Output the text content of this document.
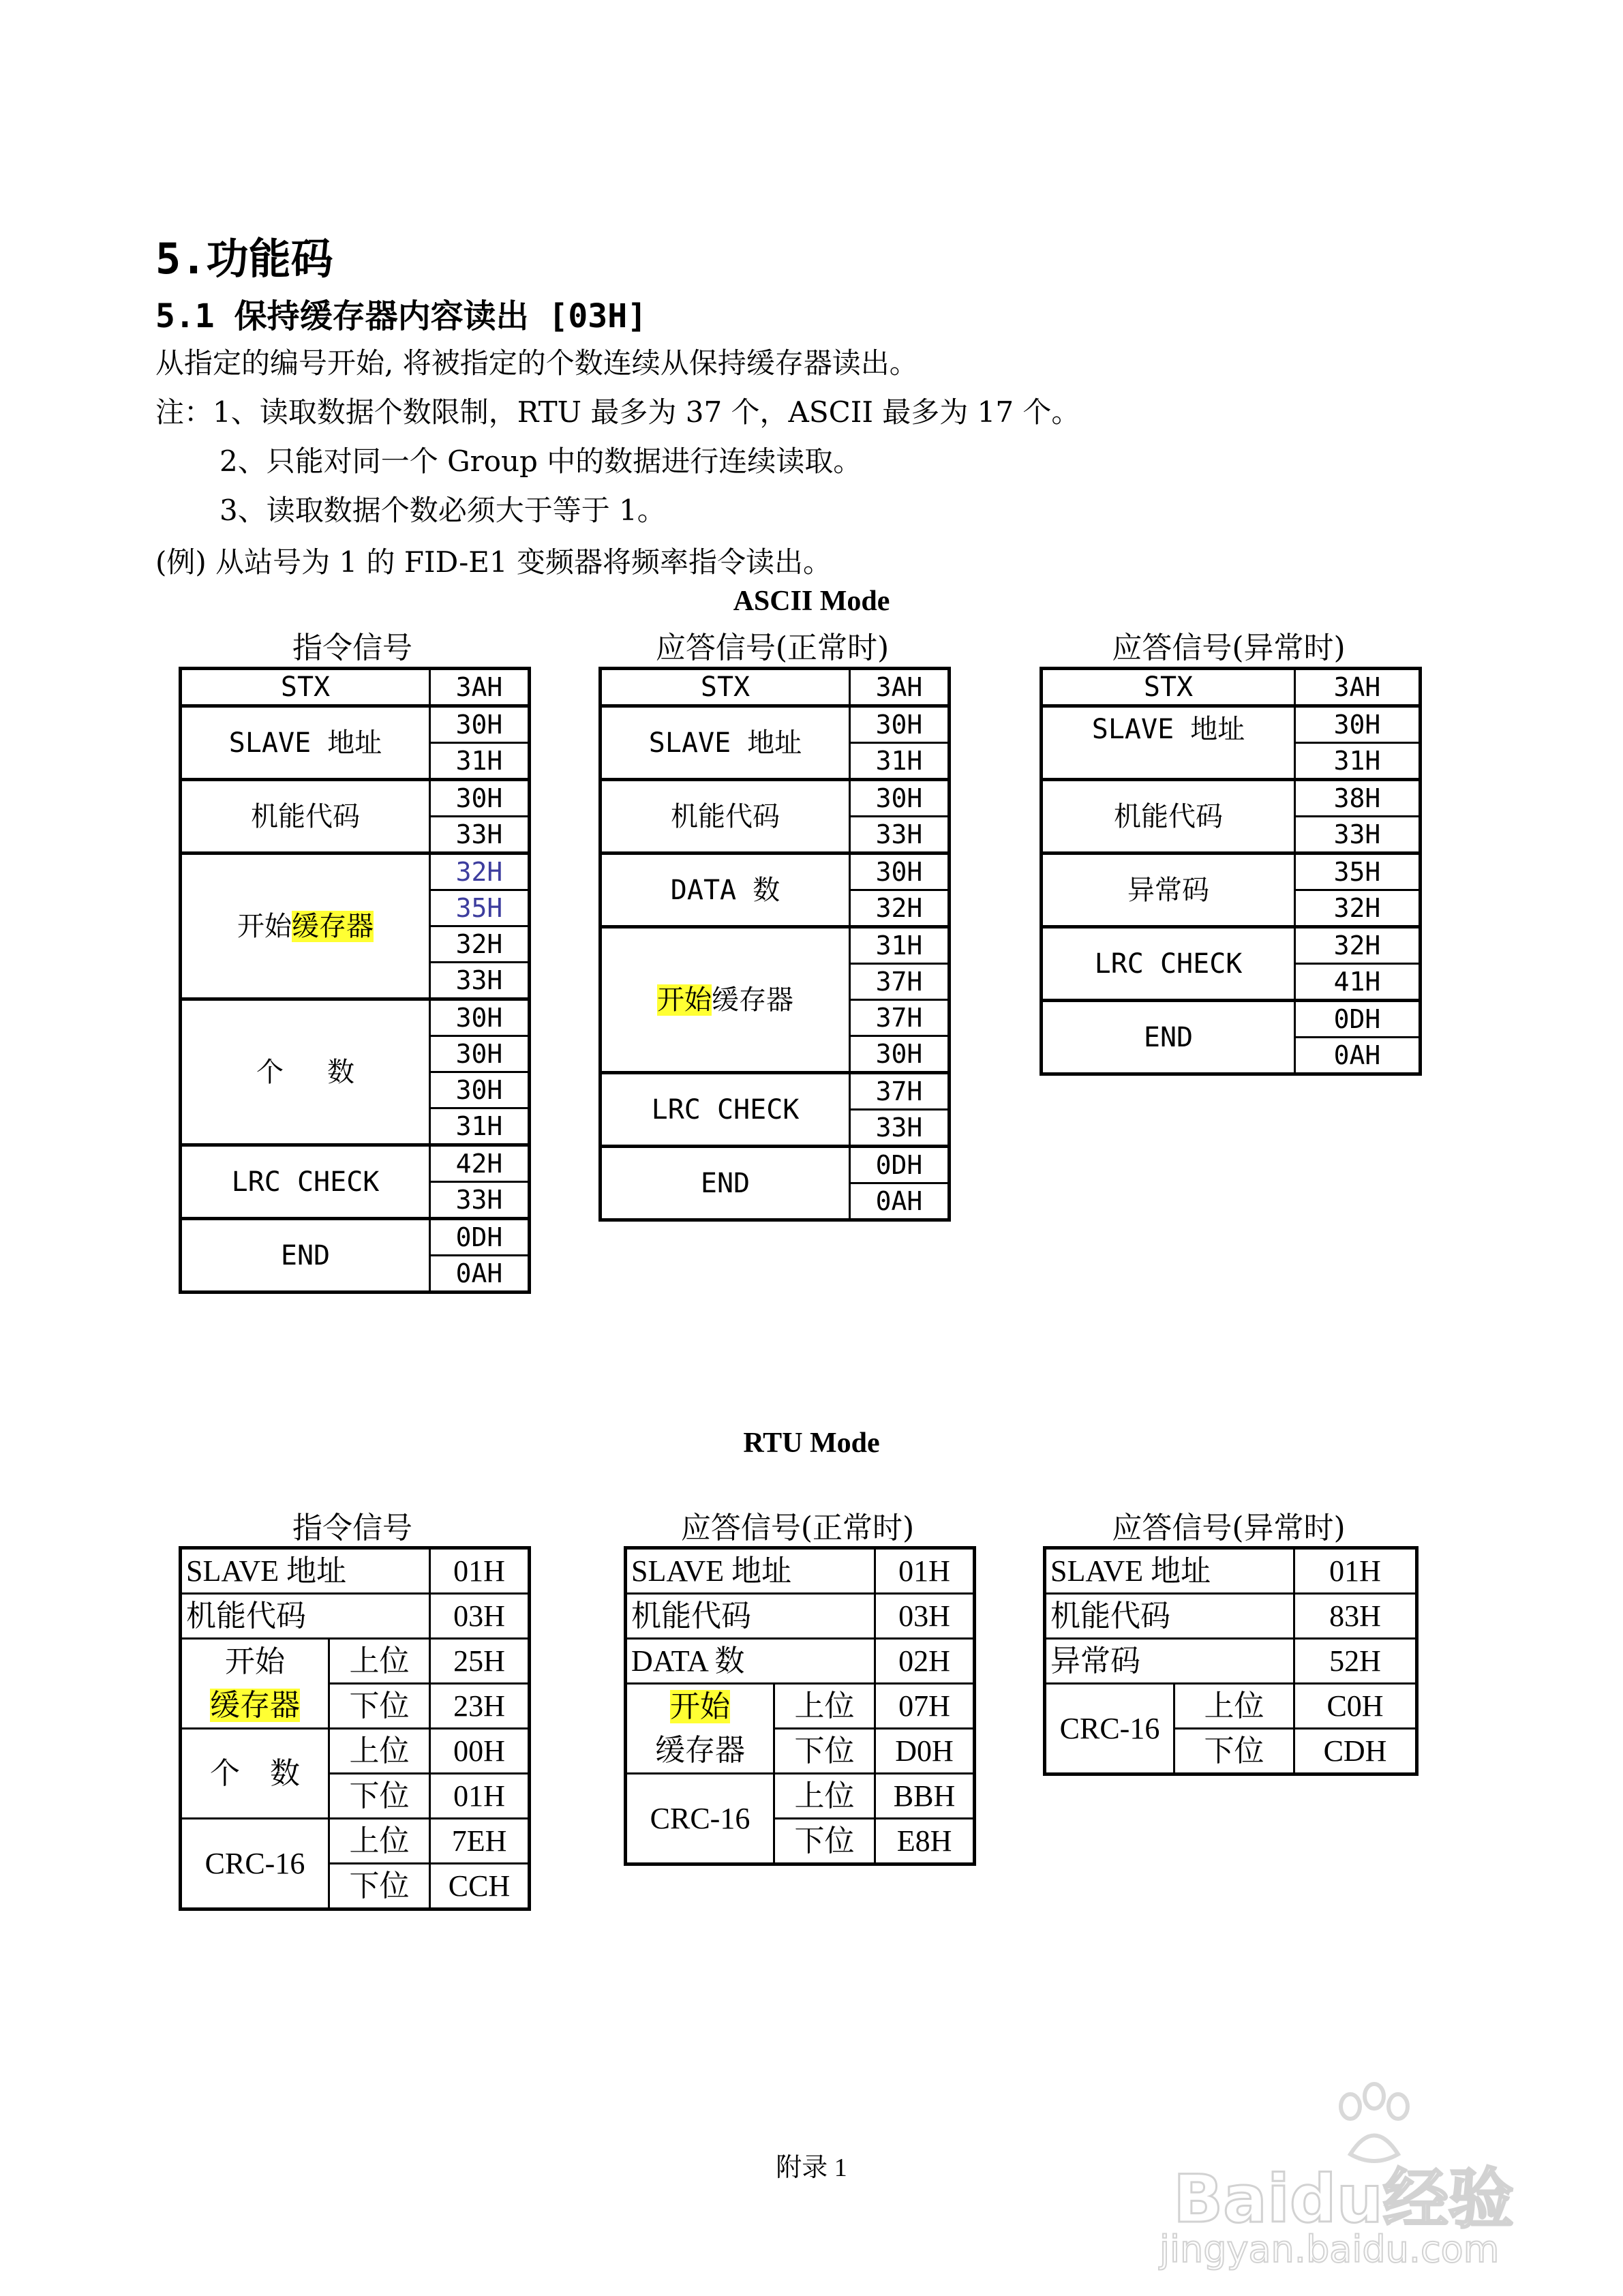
5.功能码
5.1 保持缓存器内容读出 [03H]
从指定的编号开始, 将被指定的个数连续从保持缓存器读出。
注：1、读取数据个数限制，RTU 最多为 37 个，ASCII 最多为 17 个。
2、只能对同一个 Group 中的数据进行连续读取。
3、读取数据个数必须大于等于 1。
(例) 从站号为 1 的 FID-E1 变频器将频率指令读出。
ASCII Mode
指令信号	应答信号(正常时)	应答信号(异常时)
STX	3AH
SLAVE 地址	30H
	31H
机能代码	30H
	33H
开始缓存器	32H
	35H
	32H
	33H
个　 数	30H
	30H
	30H
	31H
LRC CHECK	42H
	33H
END	0DH
	0AH
STX	3AH
SLAVE 地址	30H
	31H
机能代码	30H
	33H
DATA 数	30H
	32H
开始缓存器	31H
	37H
	37H
	30H
LRC CHECK	37H
	33H
END	0DH
	0AH
STX	3AH
SLAVE 地址	30H
	31H
机能代码	38H
	33H
异常码	35H
	32H
LRC CHECK	32H
	41H
END	0DH
	0AH
RTU Mode
指令信号	应答信号(正常时)	应答信号(异常时)
SLAVE 地址		01H
机能代码		03H
开始
缓存器	上位	25H
	下位	23H
个　数	上位	00H
	下位	01H
CRC-16	上位	7EH
	下位	CCH
SLAVE 地址		01H
机能代码		03H
DATA 数		02H
开始
缓存器	上位	07H
	下位	D0H
CRC-16	上位	BBH
	下位	E8H
SLAVE 地址		01H
机能代码		83H
异常码		52H
CRC-16	上位	C0H
	下位	CDH
附录 1	Baidu经验
jingyan.baidu.com
